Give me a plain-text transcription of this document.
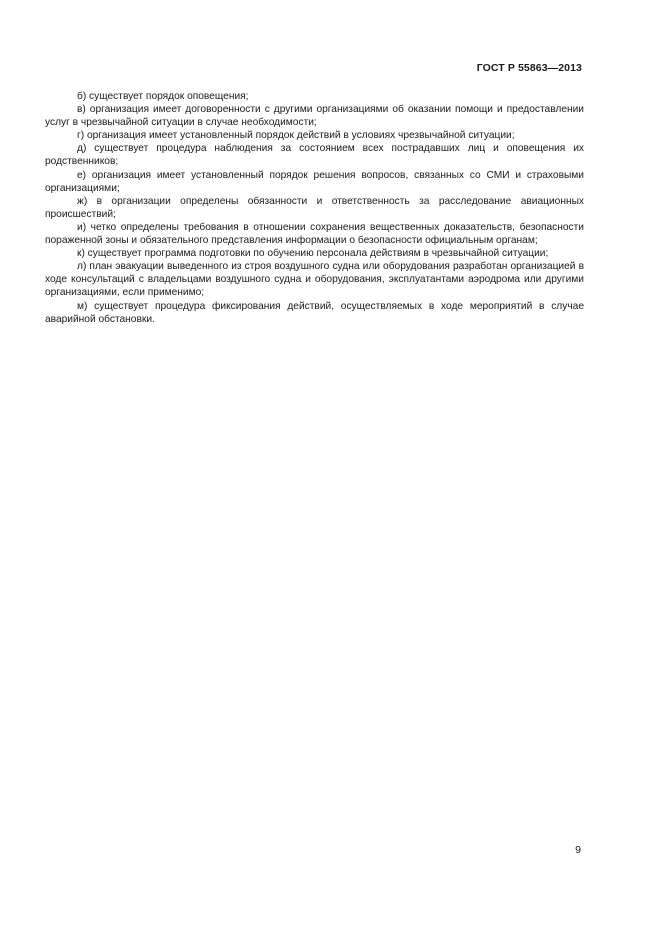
ГОСТ Р 55863—2013

б) существует порядок оповещения;

в) организация имеет договоренности с другими организациями об оказании помощи и предоставлении услуг в чрезвычайной ситуации в случае необходимости;

г) организация имеет установленный порядок действий в условиях чрезвычайной ситуации;

д) существует процедура наблюдения за состоянием всех пострадавших лиц и оповещения их родственников;

е) организация имеет установленный порядок решения вопросов, связанных со СМИ и страховыми организациями;

ж) в организации определены обязанности и ответственность за расследование авиационных происшествий;

и) четко определены требования в отношении сохранения вещественных доказательств, безопасности пораженной зоны и обязательного представления информации о безопасности официальным органам;

к) существует программа подготовки по обучению персонала действиям в чрезвычайной ситуации;

л) план эвакуации выведенного из строя воздушного судна или оборудования разработан организацией в ходе консультаций с владельцами воздушного судна и оборудования, эксплуатантами аэродрома или другими организациями, если применимо;

м) существует процедура фиксирования действий, осуществляемых в ходе мероприятий в случае аварийной обстановки.

9
